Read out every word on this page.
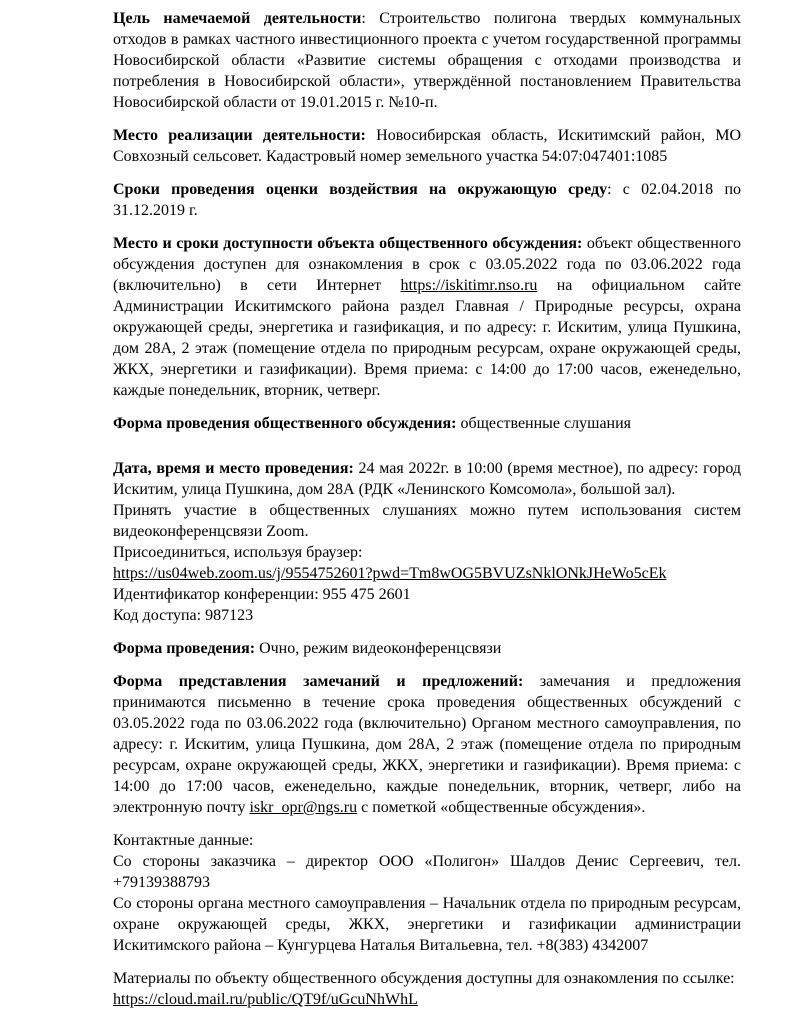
Цель намечаемой деятельности: Строительство полигона твердых коммунальных отходов в рамках частного инвестиционного проекта с учетом государственной программы Новосибирской области «Развитие системы обращения с отходами производства и потребления в Новосибирской области», утверждённой постановлением Правительства Новосибирской области от 19.01.2015 г. №10-п.

Место реализации деятельности: Новосибирская область, Искитимский район, МО Совхозный сельсовет. Кадастровый номер земельного участка 54:07:047401:1085

Сроки проведения оценки воздействия на окружающую среду: с 02.04.2018 по 31.12.2019 г.

Место и сроки доступности объекта общественного обсуждения: объект общественного обсуждения доступен для ознакомления в срок с 03.05.2022 года по 03.06.2022 года (включительно) в сети Интернет https://iskitimr.nso.ru на официальном сайте Администрации Искитимского района раздел Главная / Природные ресурсы, охрана окружающей среды, энергетика и газификация, и по адресу: г. Искитим, улица Пушкина, дом 28А, 2 этаж (помещение отдела по природным ресурсам, охране окружающей среды, ЖКХ, энергетики и газификации). Время приема: с 14:00 до 17:00 часов, еженедельно, каждые понедельник, вторник, четверг.

Форма проведения общественного обсуждения: общественные слушания

Дата, время и место проведения: 24 мая 2022г. в 10:00 (время местное), по адресу: город Искитим, улица Пушкина, дом 28А (РДК «Ленинского Комсомола», большой зал).

Принять участие в общественных слушаниях можно путем использования систем видеоконференцсвязи Zoom.

Присоединиться, используя браузер:

https://us04web.zoom.us/j/9554752601?pwd=Tm8wOG5BVUZsNklONkJHeWo5cEk

Идентификатор конференции: 955 475 2601

Код доступа: 987123

Форма проведения: Очно, режим видеоконференцсвязи

Форма представления замечаний и предложений: замечания и предложения принимаются письменно в течение срока проведения общественных обсуждений с 03.05.2022 года по 03.06.2022 года (включительно) Органом местного самоуправления, по адресу: г. Искитим, улица Пушкина, дом 28А, 2 этаж (помещение отдела по природным ресурсам, охране окружающей среды, ЖКХ, энергетики и газификации). Время приема: с 14:00 до 17:00 часов, еженедельно, каждые понедельник, вторник, четверг, либо на электронную почту iskr_opr@ngs.ru с пометкой «общественные обсуждения».

Контактные данные:

Со стороны заказчика – директор ООО «Полигон» Шалдов Денис Сергеевич, тел. +79139388793

Со стороны органа местного самоуправления – Начальник отдела по природным ресурсам, охране окружающей среды, ЖКХ, энергетики и газификации администрации Искитимского района – Кунгурцева Наталья Витальевна, тел. +8(383) 4342007

Материалы по объекту общественного обсуждения доступны для ознакомления по ссылке:

https://cloud.mail.ru/public/QT9f/uGcuNhWhL
